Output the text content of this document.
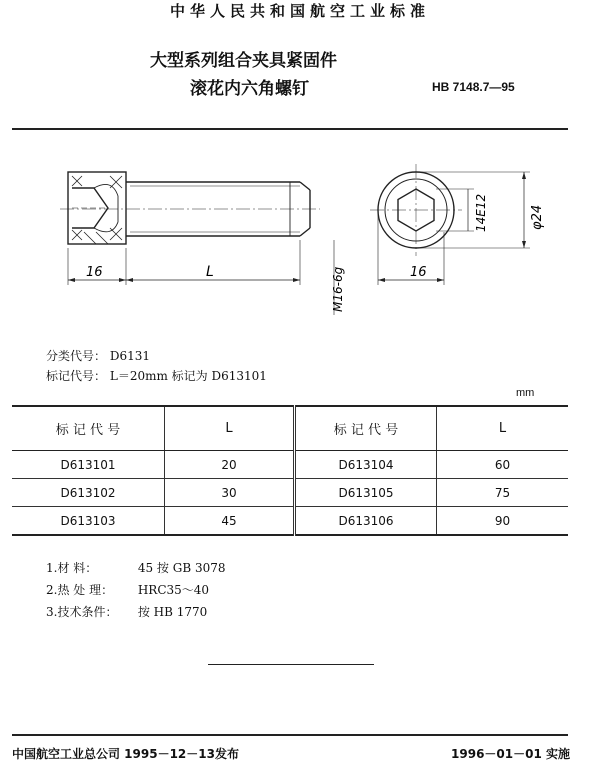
中华人民共和国航空工业标准
大型系列组合夹具紧固件
滚花内六角螺钉	HB 7148.7—95
16	L	M16-6g
14E12	φ24
16
分类代号： D6131
标记代号： L＝20mm 标记为 D613101
mm
标 记 代 号	L	标 记 代 号	L
D613101	20	D613104	60
D613102	30	D613105	75
D613103	45	D613106	90
1.材 料：	45 按 GB 3078
2.热 处 理： HRC35～40
3.技术条件： 按 HB 1770
中国航空工业总公司 1995－12－13发布	1996－01－01 实施
